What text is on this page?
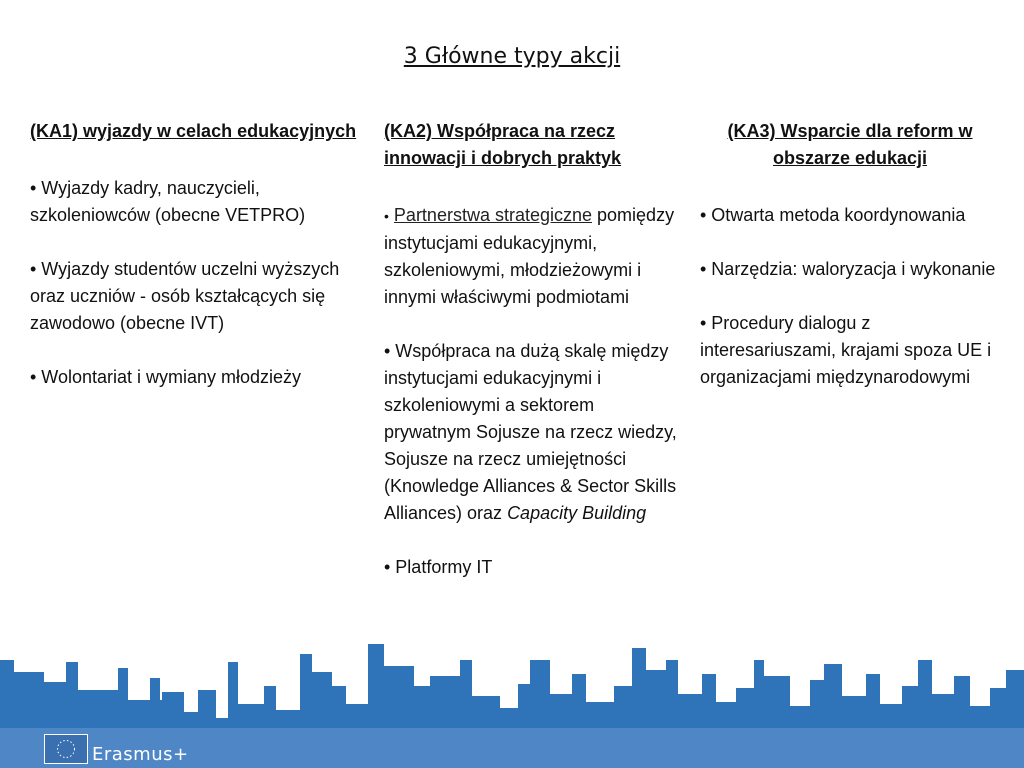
3 Główne typy akcji
(KA1) wyjazdy w celach edukacyjnych
• Wyjazdy kadry, nauczycieli, szkoleniowców (obecne VETPRO)
• Wyjazdy studentów uczelni wyższych oraz uczniów - osób kształcących się zawodowo (obecne IVT)
• Wolontariat i wymiany młodzieży
(KA2) Współpraca na rzecz innowacji i dobrych praktyk
• Partnerstwa strategiczne pomiędzy instytucjami edukacyjnymi, szkoleniowymi, młodzieżowymi i innymi właściwymi podmiotami
• Współpraca na dużą skalę między instytucjami edukacyjnymi i szkoleniowymi a sektorem prywatnym Sojusze na rzecz wiedzy, Sojusze na rzecz umiejętności (Knowledge Alliances & Sector Skills Alliances) oraz Capacity Building
• Platformy IT
(KA3) Wsparcie dla reform w obszarze edukacji
• Otwarta metoda koordynowania
• Narzędzia: waloryzacja i wykonanie
• Procedury dialogu z interesariuszami, krajami spoza UE i organizacjami międzynarodowymi
Erasmus+
